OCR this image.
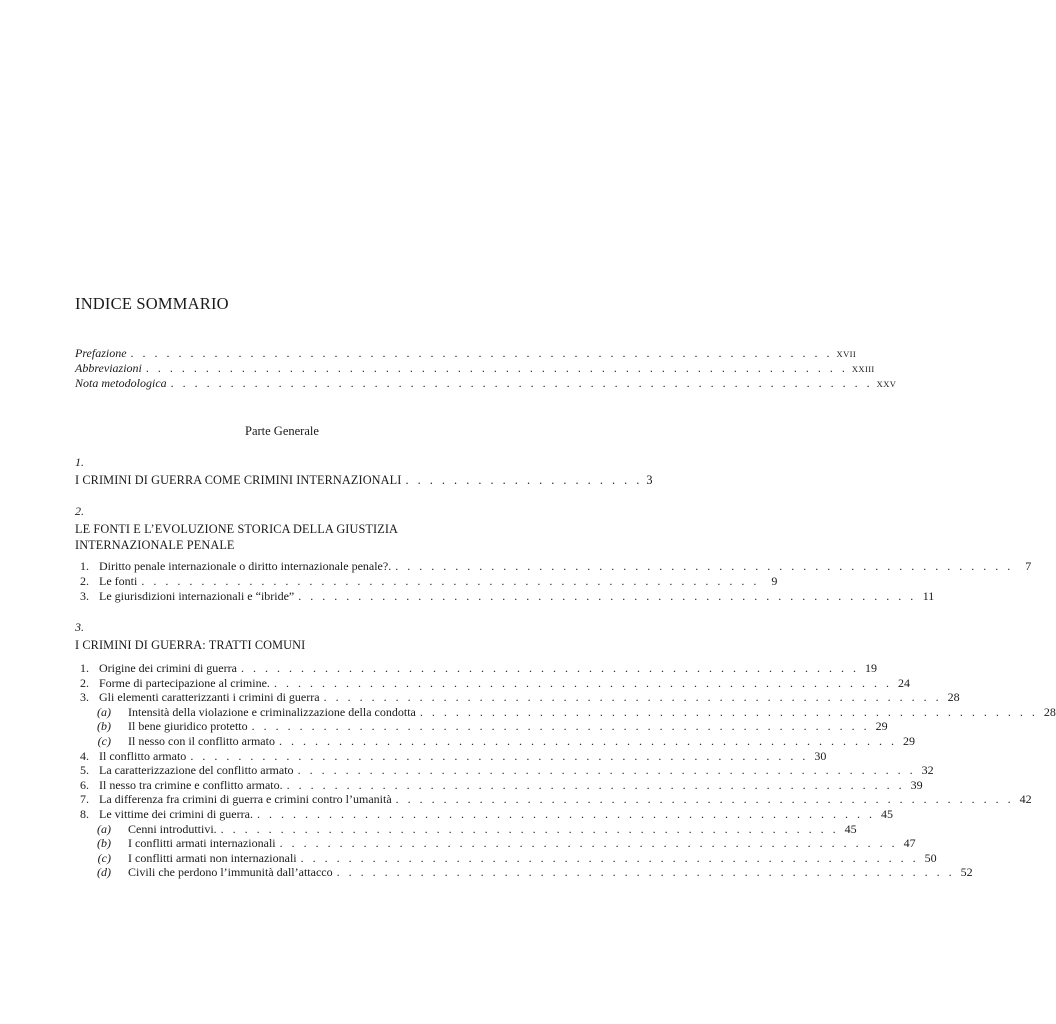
INDICE SOMMARIO
Prefazione . . . . . . . . . . . . . . . . . . . . . . . . . . . . . . . . . . . . . . . . . . . . . . . . . . . . . . . . . . . XVII
Abbreviazioni . . . . . . . . . . . . . . . . . . . . . . . . . . . . . . . . . . . . . . . . . . . . . . . . . . . . . . . . . . . XXIII
Nota metodologica . . . . . . . . . . . . . . . . . . . . . . . . . . . . . . . . . . . . . . . . . . . . . . . . . . . . . . . . . . . XXV
Parte Generale
1.
I CRIMINI DI GUERRA COME CRIMINI INTERNAZIONALI . . . . . . . . . . . . . . . . . . . . 3
2.
LE FONTI E L’EVOLUZIONE STORICA DELLA GIUSTIZIA
INTERNAZIONALE PENALE
1. Diritto penale internazionale o diritto internazionale penale?. . . . . . . . . . . . . . . . . . . . . . . . . . . . . . . . . . . . . . . . . . . . . . . . . . . . .	7
2. Le fonti . . . . . . . . . . . . . . . . . . . . . . . . . . . . . . . . . . . . . . . . . . . . . . . . . . . .	9
3. Le giurisdizioni internazionali e “ibride” . . . . . . . . . . . . . . . . . . . . . . . . . . . . . . . . . . . . . . . . . . . . . . . . . . . . 11
3.
I CRIMINI DI GUERRA: TRATTI COMUNI
1. Origine dei crimini di guerra . . . . . . . . . . . . . . . . . . . . . . . . . . . . . . . . . . . . . . . . . . . . . . . . . . . . 19
2. Forme di partecipazione al crimine. . . . . . . . . . . . . . . . . . . . . . . . . . . . . . . . . . . . . . . . . . . . . . . . . . . . . 24
3. Gli elementi caratterizzanti i crimini di guerra . . . . . . . . . . . . . . . . . . . . . . . . . . . . . . . . . . . . . . . . . . . . . . . . . . . . 28
(a) Intensità della violazione e criminalizzazione della condotta . . . . . . . . . . . . . . . . . . . . . . . . . . . . . . . . . . . . . . . . . . . . . . . . . . . . 28
(b) Il bene giuridico protetto . . . . . . . . . . . . . . . . . . . . . . . . . . . . . . . . . . . . . . . . . . . . . . . . . . . . 29
(c) Il nesso con il conflitto armato . . . . . . . . . . . . . . . . . . . . . . . . . . . . . . . . . . . . . . . . . . . . . . . . . . . . 29
4. Il conflitto armato . . . . . . . . . . . . . . . . . . . . . . . . . . . . . . . . . . . . . . . . . . . . . . . . . . . . 30
5. La caratterizzazione del conflitto armato . . . . . . . . . . . . . . . . . . . . . . . . . . . . . . . . . . . . . . . . . . . . . . . . . . . . 32
6. Il nesso tra crimine e conflitto armato. . . . . . . . . . . . . . . . . . . . . . . . . . . . . . . . . . . . . . . . . . . . . . . . . . . . . 39
7. La differenza fra crimini di guerra e crimini contro l’umanità . . . . . . . . . . . . . . . . . . . . . . . . . . . . . . . . . . . . . . . . . . . . . . . . . . . . 42
8. Le vittime dei crimini di guerra. . . . . . . . . . . . . . . . . . . . . . . . . . . . . . . . . . . . . . . . . . . . . . . . . . . . . 45
(a) Cenni introduttivi. . . . . . . . . . . . . . . . . . . . . . . . . . . . . . . . . . . . . . . . . . . . . . . . . . . . . 45
(b) I conflitti armati internazionali . . . . . . . . . . . . . . . . . . . . . . . . . . . . . . . . . . . . . . . . . . . . . . . . . . . . 47
(c) I conflitti armati non internazionali . . . . . . . . . . . . . . . . . . . . . . . . . . . . . . . . . . . . . . . . . . . . . . . . . . . . 50
(d) Civili che perdono l’immunità dall’attacco . . . . . . . . . . . . . . . . . . . . . . . . . . . . . . . . . . . . . . . . . . . . . . . . . . . . 52
